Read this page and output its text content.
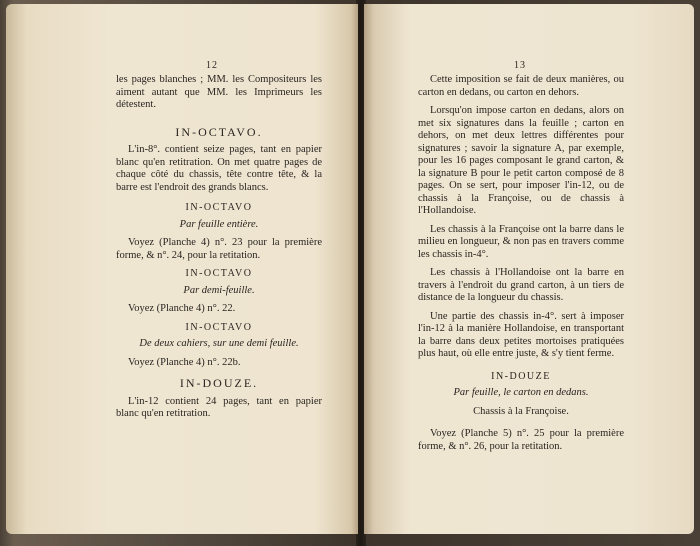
12

les pages blanches ; MM. les Compositeurs les aiment autant que MM. les Imprimeurs les détestent.

IN-OCTAVO.

L'in-8°. contient seize pages, tant en papier blanc qu'en retitration. On met quatre pages de chaque côté du chassis, tête contre tête, & la barre est l'endroit des grands blancs.

IN-OCTAVO

Par feuille entière.

Voyez (Planche 4) n°. 23 pour la première forme, & n°. 24, pour la retitation.

IN-OCTAVO

Par demi-feuille.

Voyez (Planche 4) n°. 22.

IN-OCTAVO

De deux cahiers, sur une demi feuille.

Voyez (Planche 4) n°. 22b.

IN-DOUZE.

L'in-12 contient 24 pages, tant en papier blanc qu'en retitration.

13

Cette imposition se fait de deux manières, ou carton en dedans, ou carton en dehors.

Lorsqu'on impose carton en dedans, alors on met six signatures dans la feuille ; carton en dehors, on met deux lettres différentes pour signatures ; savoir la signature A, par exemple, pour les 16 pages composant le grand carton, & la signature B pour le petit carton composé de 8 pages. On se sert, pour imposer l'in-12, ou de chassis à la Françoise, ou de chassis à l'Hollandoise.

Les chassis à la Françoise ont la barre dans le milieu en longueur, & non pas en travers comme les chassis in-4°.

Les chassis à l'Hollandoise ont la barre en travers à l'endroit du grand carton, à un tiers de distance de la longueur du chassis.

Une partie des chassis in-4°. sert à imposer l'in-12 à la manière Hollandoise, en transportant la barre dans deux petites mortoises pratiquées plus haut, où elle entre juste, & s'y tient ferme.

IN-DOUZE

Par feuille, le carton en dedans.

Chassis à la Françoise.

Voyez (Planche 5) n°. 25 pour la première forme, & n°. 26, pour la retitation.
